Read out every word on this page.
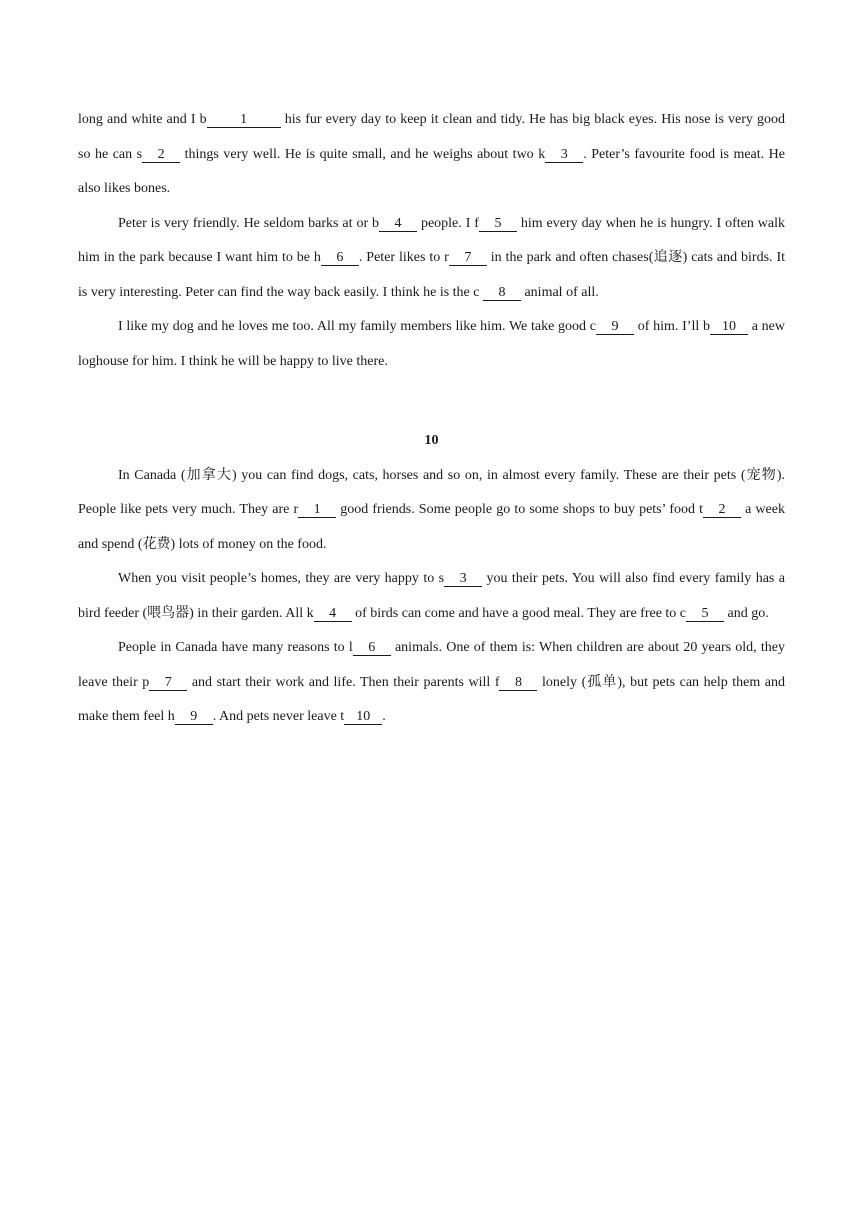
long and white and I b 1 his fur every day to keep it clean and tidy. He has big black eyes. His nose is very good so he can s 2 things very well. He is quite small, and he weighs about two k 3 . Peter’s favourite food is meat. He also likes bones.

Peter is very friendly. He seldom barks at or b 4 people. I f 5 him every day when he is hungry. I often walk him in the park because I want him to be h 6 . Peter likes to r 7 in the park and often chases(追逐) cats and birds. It is very interesting. Peter can find the way back easily. I think he is the c 8 animal of all.

I like my dog and he loves me too. All my family members like him. We take good c 9 of him. I’ll b 10 a new loghouse for him. I think he will be happy to live there.

10

In Canada (加拿大) you can find dogs, cats, horses and so on, in almost every family. These are their pets (宠物). People like pets very much. They are r 1 good friends. Some people go to some shops to buy pets’ food t 2 a week and spend (花费) lots of money on the food.

When you visit people’s homes, they are very happy to s 3 you their pets. You will also find every family has a bird feeder (喂鸟器) in their garden. All k 4 of birds can come and have a good meal. They are free to c 5 and go.

People in Canada have many reasons to l 6 animals. One of them is: When children are about 20 years old, they leave their p 7 and start their work and life. Then their parents will f 8 lonely (孤单), but pets can help them and make them feel h 9 . And pets never leave t 10 .
